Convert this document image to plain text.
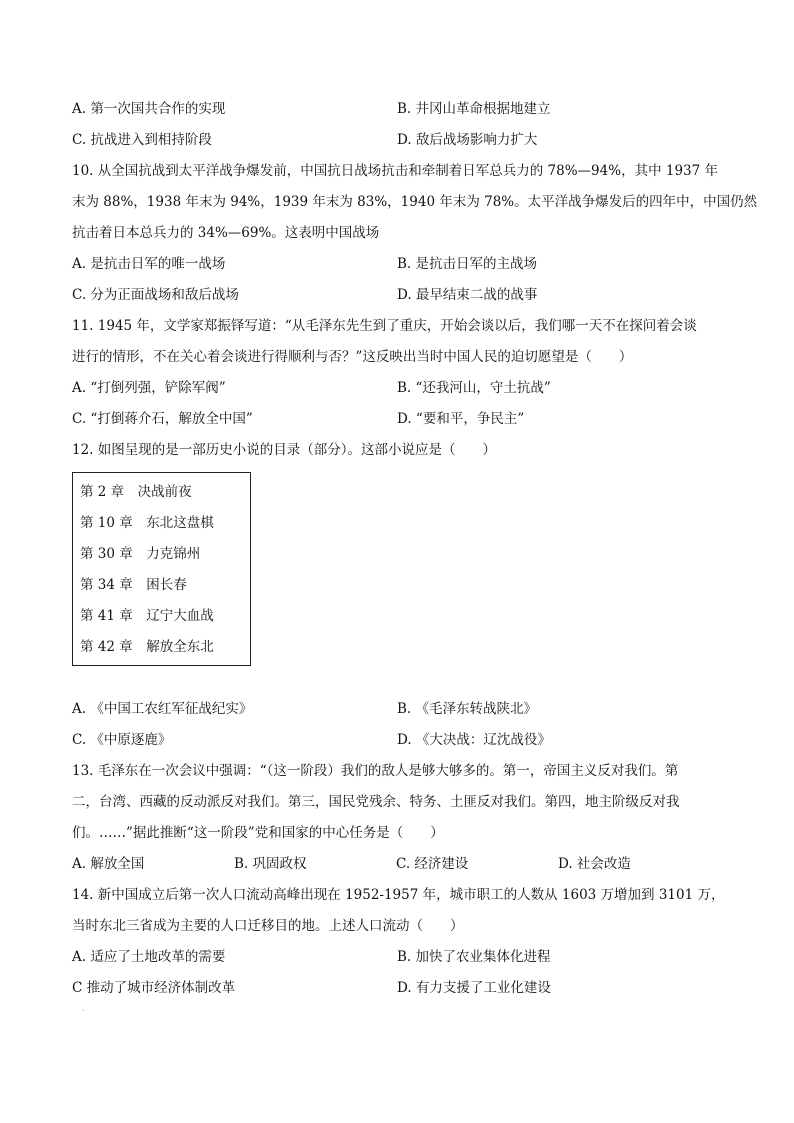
A. 第一次国共合作的实现	B. 井冈山革命根据地建立
C. 抗战进入到相持阶段	D. 敌后战场影响力扩大
10. 从全国抗战到太平洋战争爆发前，中国抗日战场抗击和牵制着日军总兵力的 78%—94%，其中 1937 年
末为 88%，1938 年末为 94%，1939 年末为 83%，1940 年末为 78%。太平洋战争爆发后的四年中，中国仍然
抗击着日本总兵力的 34%—69%。这表明中国战场
A. 是抗击日军的唯一战场	B. 是抗击日军的主战场
C. 分为正面战场和敌后战场	D. 最早结束二战的战事
11. 1945 年，文学家郑振铎写道：“从毛泽东先生到了重庆，开始会谈以后，我们哪一天不在探问着会谈
进行的情形，不在关心着会谈进行得顺利与否？”这反映出当时中国人民的迫切愿望是（　　）
A. “打倒列强，铲除军阀”	B. “还我河山，守土抗战”
C. “打倒蒋介石，解放全中国”	D. “要和平，争民主”
12. 如图呈现的是一部历史小说的目录（部分）。这部小说应是（　　）
第 2 章　决战前夜
第 10 章　东北这盘棋
第 30 章　力克锦州
第 34 章　困长春
第 41 章　辽宁大血战
第 42 章　解放全东北
A. 《中国工农红军征战纪实》	B. 《毛泽东转战陕北》
C. 《中原逐鹿》	D. 《大决战：辽沈战役》
13. 毛泽东在一次会议中强调：“（这一阶段）我们的敌人是够大够多的。第一，帝国主义反对我们。第
二，台湾、西藏的反动派反对我们。第三，国民党残余、特务、土匪反对我们。第四，地主阶级反对我
们。……”据此推断“这一阶段”党和国家的中心任务是（　　）
A. 解放全国	B. 巩固政权	C. 经济建设	D. 社会改造
14. 新中国成立后第一次人口流动高峰出现在 1952-1957 年，城市职工的人数从 1603 万增加到 3101 万，
当时东北三省成为主要的人口迁移目的地。上述人口流动（　　）
A. 适应了土地改革的需要	B. 加快了农业集体化进程
C 推动了城市经济体制改革	D. 有力支援了工业化建设
·
